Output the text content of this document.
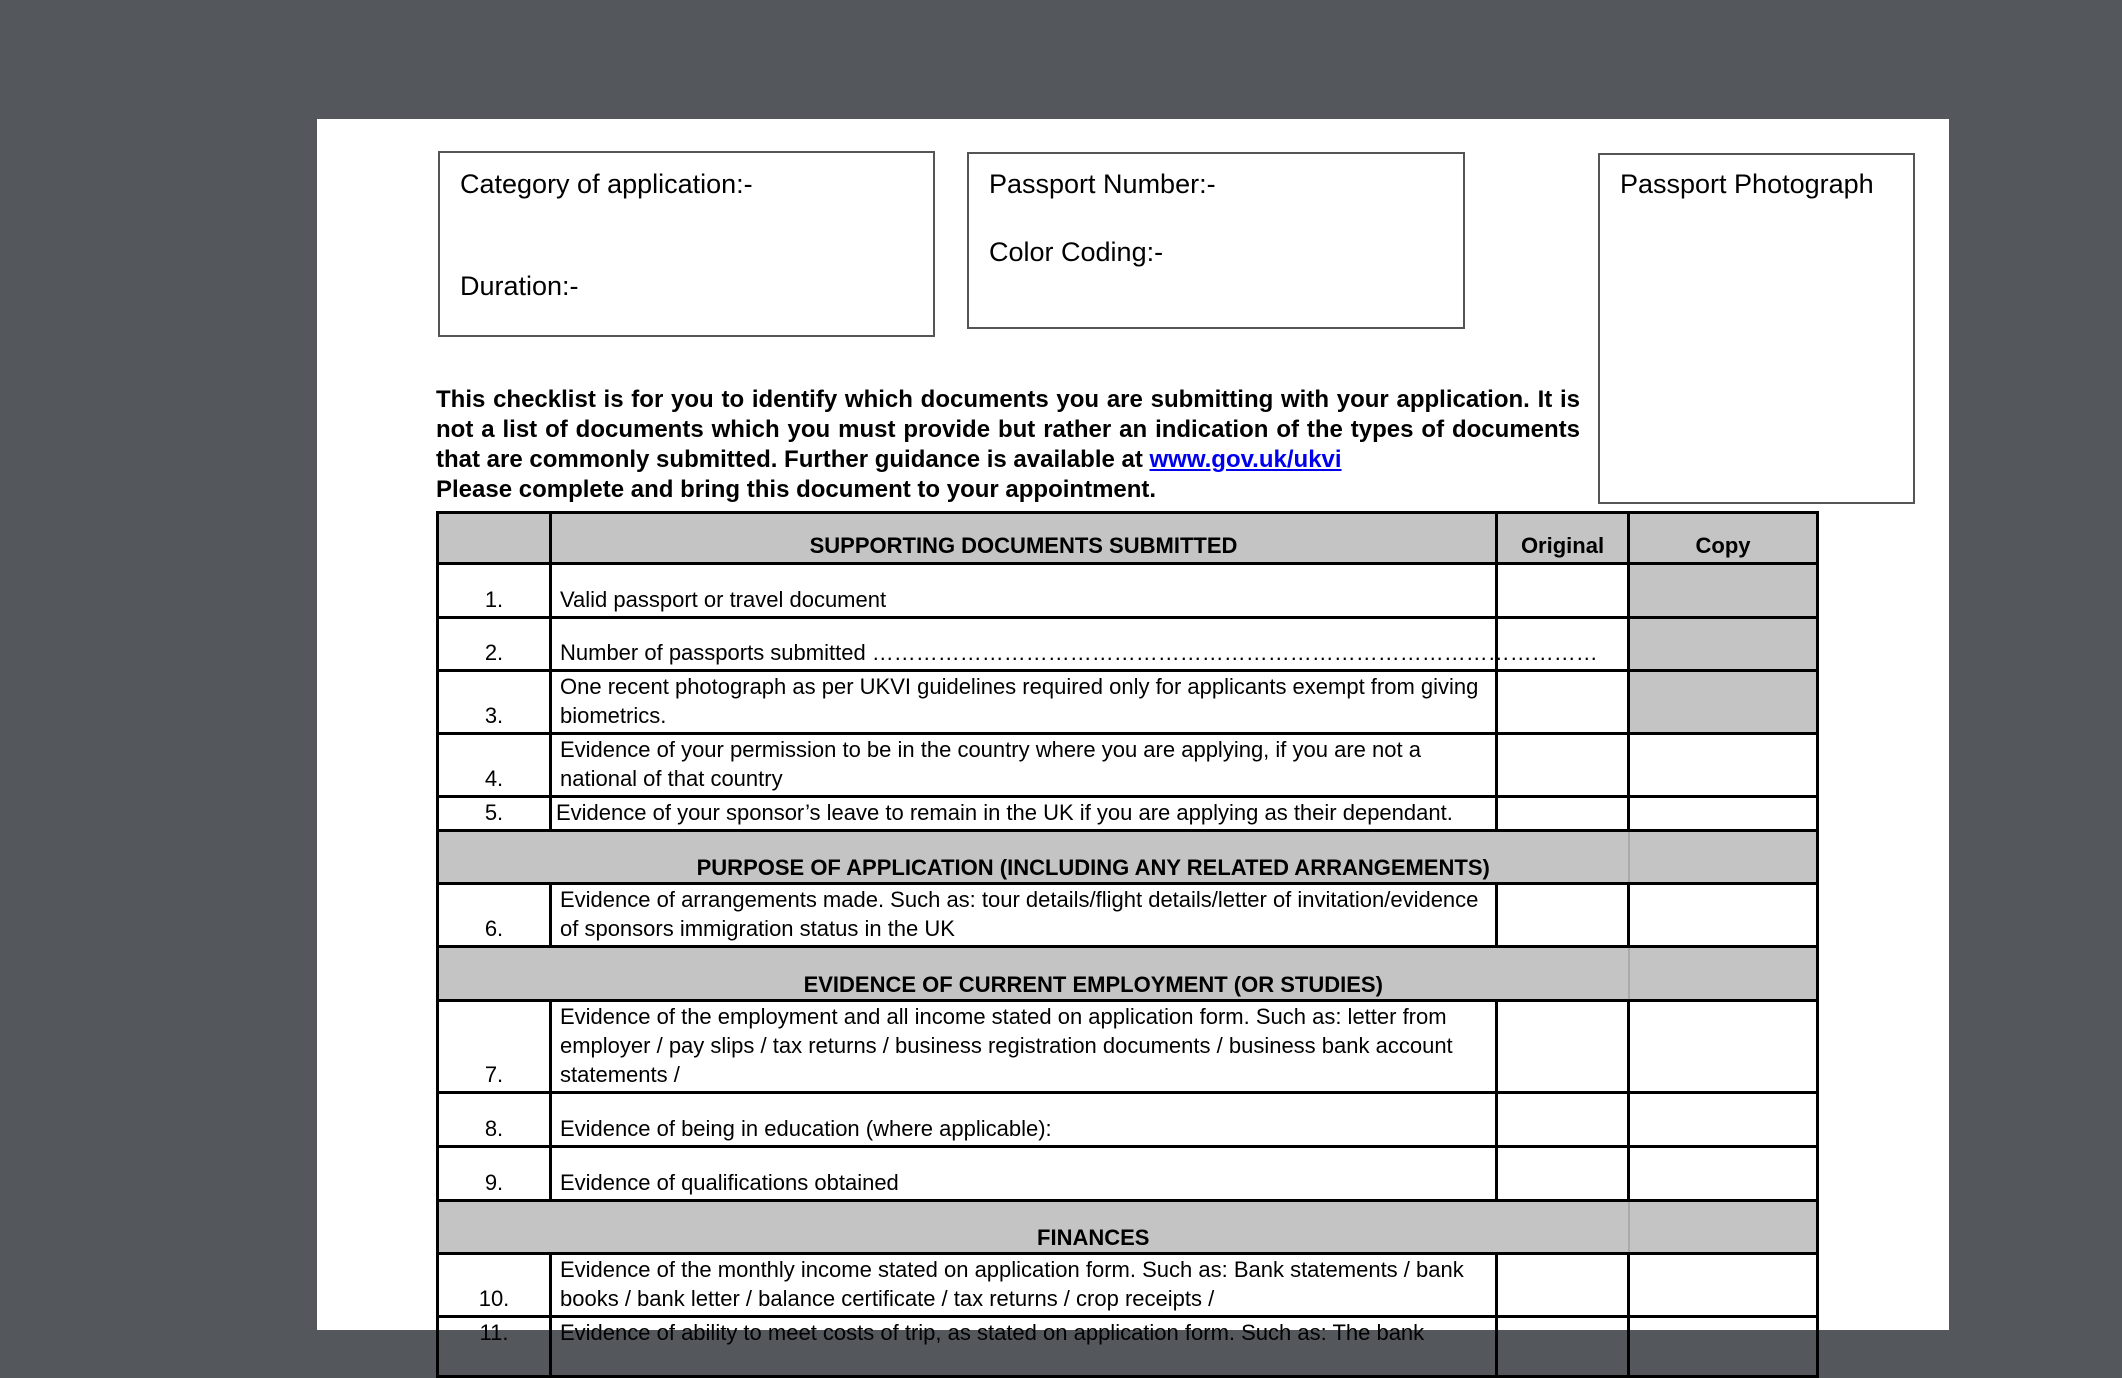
Category of application:-
Duration:-
Passport Number:-
Color Coding:-
Passport Photograph
This checklist is for you to identify which documents you are submitting with your application. It is not a list of documents which you must provide but rather an indication of the types of documents that are commonly submitted. Further guidance is available at www.gov.uk/ukvi
Please complete and bring this document to your appointment.
	SUPPORTING DOCUMENTS SUBMITTED	Original	Copy
1.	Valid passport or travel document		
2.	Number of passports submitted ………………………………………………………………………………………		
3.	One recent photograph as per UKVI guidelines required only for applicants exempt from giving biometrics.		
4.	Evidence of your permission to be in the country where you are applying, if you are not a national of that country		
5.	Evidence of your sponsor’s leave to remain in the UK if you are applying as their dependant.		
PURPOSE OF APPLICATION (INCLUDING ANY RELATED ARRANGEMENTS)			
6.	Evidence of arrangements made. Such as: tour details/flight details/letter of invitation/evidence of sponsors immigration status in the UK		
EVIDENCE OF CURRENT EMPLOYMENT (OR STUDIES)			
7.	Evidence of the employment and all income stated on application form. Such as: letter from employer / pay slips / tax returns / business registration documents / business bank account statements /		
8.	Evidence of being in education (where applicable):		
9.	Evidence of qualifications obtained		
FINANCES			
10.	Evidence of the monthly income stated on application form. Such as: Bank statements / bank books / bank letter / balance certificate / tax returns / crop receipts /		
11.	Evidence of ability to meet costs of trip, as stated on application form. Such as: The bank		
